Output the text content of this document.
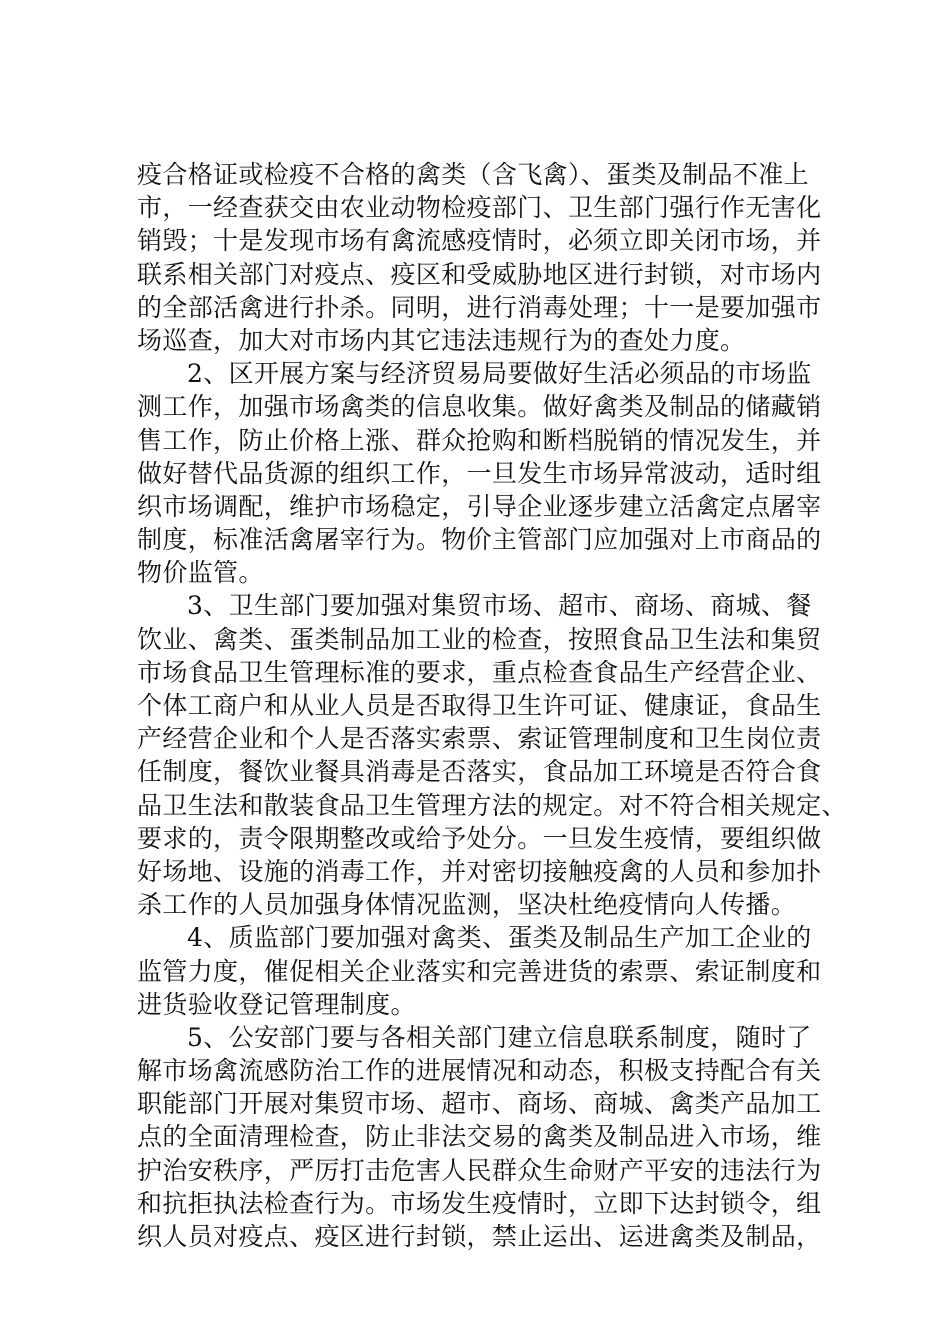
疫合格证或检疫不合格的禽类（含飞禽）、蛋类及制品不准上
市，一经查获交由农业动物检疫部门、卫生部门强行作无害化
销毁；十是发现市场有禽流感疫情时，必须立即关闭市场，并
联系相关部门对疫点、疫区和受威胁地区进行封锁，对市场内
的全部活禽进行扑杀。同明，进行消毒处理；十一是要加强市
场巡查，加大对市场内其它违法违规行为的查处力度。
2、区开展方案与经济贸易局要做好生活必须品的市场监
测工作，加强市场禽类的信息收集。做好禽类及制品的储藏销
售工作，防止价格上涨、群众抢购和断档脱销的情况发生，并
做好替代品货源的组织工作，一旦发生市场异常波动，适时组
织市场调配，维护市场稳定，引导企业逐步建立活禽定点屠宰
制度，标准活禽屠宰行为。物价主管部门应加强对上市商品的
物价监管。
3、卫生部门要加强对集贸市场、超市、商场、商城、餐
饮业、禽类、蛋类制品加工业的检查，按照食品卫生法和集贸
市场食品卫生管理标准的要求，重点检查食品生产经营企业、
个体工商户和从业人员是否取得卫生许可证、健康证，食品生
产经营企业和个人是否落实索票、索证管理制度和卫生岗位责
任制度，餐饮业餐具消毒是否落实，食品加工环境是否符合食
品卫生法和散装食品卫生管理方法的规定。对不符合相关规定、
要求的，责令限期整改或给予处分。一旦发生疫情，要组织做
好场地、设施的消毒工作，并对密切接触疫禽的人员和参加扑
杀工作的人员加强身体情况监测，坚决杜绝疫情向人传播。
4、质监部门要加强对禽类、蛋类及制品生产加工企业的
监管力度，催促相关企业落实和完善进货的索票、索证制度和
进货验收登记管理制度。
5、公安部门要与各相关部门建立信息联系制度，随时了
解市场禽流感防治工作的进展情况和动态，积极支持配合有关
职能部门开展对集贸市场、超市、商场、商城、禽类产品加工
点的全面清理检查，防止非法交易的禽类及制品进入市场，维
护治安秩序，严厉打击危害人民群众生命财产平安的违法行为
和抗拒执法检查行为。市场发生疫情时，立即下达封锁令，组
织人员对疫点、疫区进行封锁，禁止运出、运进禽类及制品，
